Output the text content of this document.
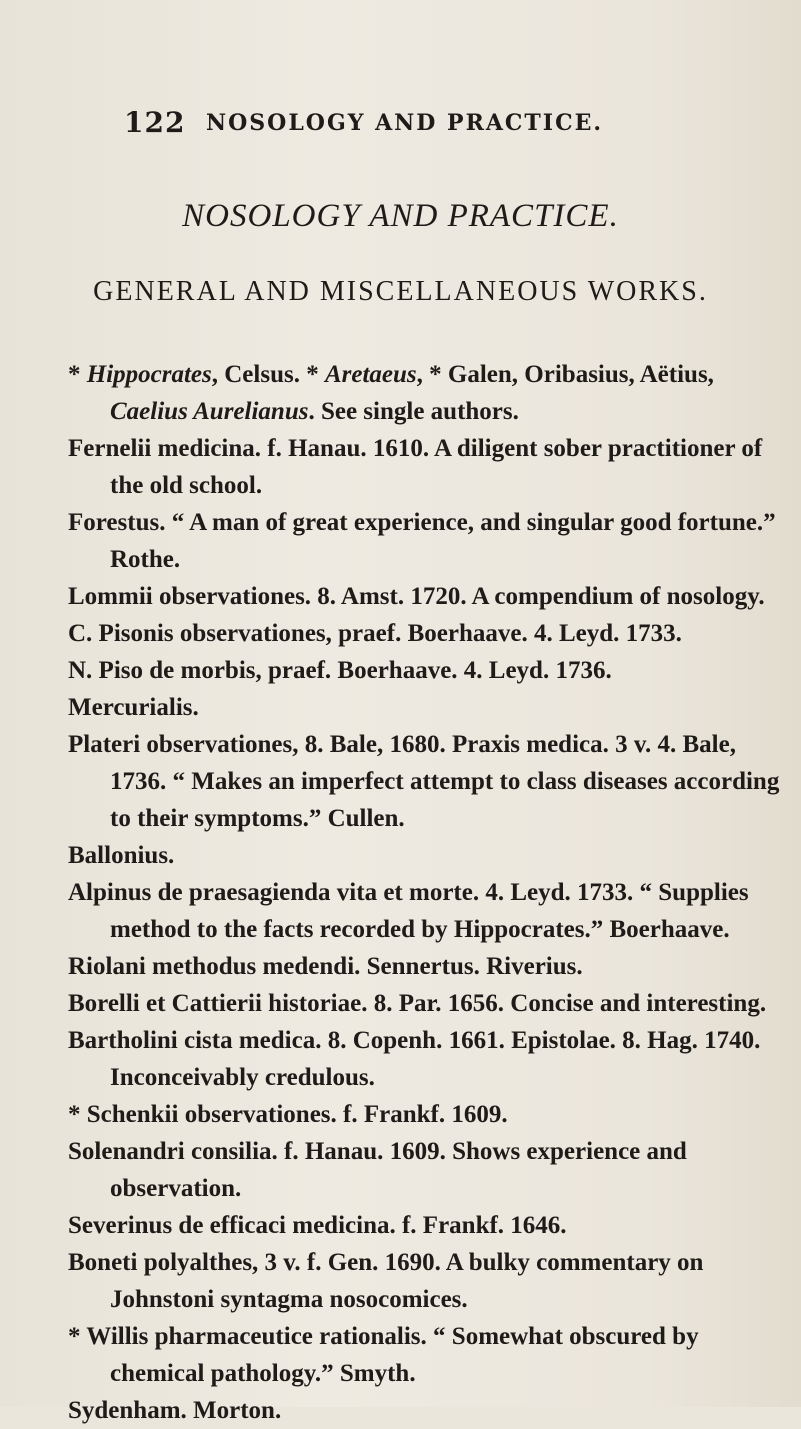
122 NOSOLOGY AND PRACTICE.
NOSOLOGY AND PRACTICE.
GENERAL AND MISCELLANEOUS WORKS.
* Hippocrates, Celsus. * Aretaeus, * Galen, Oribasius, Aëtius, Caelius Aurelianus. See single authors.
Fernelii medicina. f. Hanau. 1610. A diligent sober practitioner of the old school.
Forestus. “ A man of great experience, and singular good fortune.” Rothe.
Lommii observationes. 8. Amst. 1720. A compendium of nosology.
C. Pisonis observationes, praef. Boerhaave. 4. Leyd. 1733.
N. Piso de morbis, praef. Boerhaave. 4. Leyd. 1736.
Mercurialis.
Plateri observationes, 8. Bale, 1680. Praxis medica. 3 v. 4. Bale, 1736. “ Makes an imperfect attempt to class diseases according to their symptoms.” Cullen.
Ballonius.
Alpinus de praesagienda vita et morte. 4. Leyd. 1733. “ Supplies method to the facts recorded by Hippocrates.” Boerhaave.
Riolani methodus medendi. Sennertus. Riverius.
Borelli et Cattierii historiae. 8. Par. 1656. Concise and interesting.
Bartholini cista medica. 8. Copenh. 1661. Epistolae. 8. Hag. 1740. Inconceivably credulous.
* Schenkii observationes. f. Frankf. 1609.
Solenandri consilia. f. Hanau. 1609. Shows experience and observation.
Severinus de efficaci medicina. f. Frankf. 1646.
Boneti polyalthes, 3 v. f. Gen. 1690. A bulky commentary on Johnstoni syntagma nosocomices.
* Willis pharmaceutice rationalis. “ Somewhat obscured by chemical pathology.” Smyth.
Sydenham. Morton.
